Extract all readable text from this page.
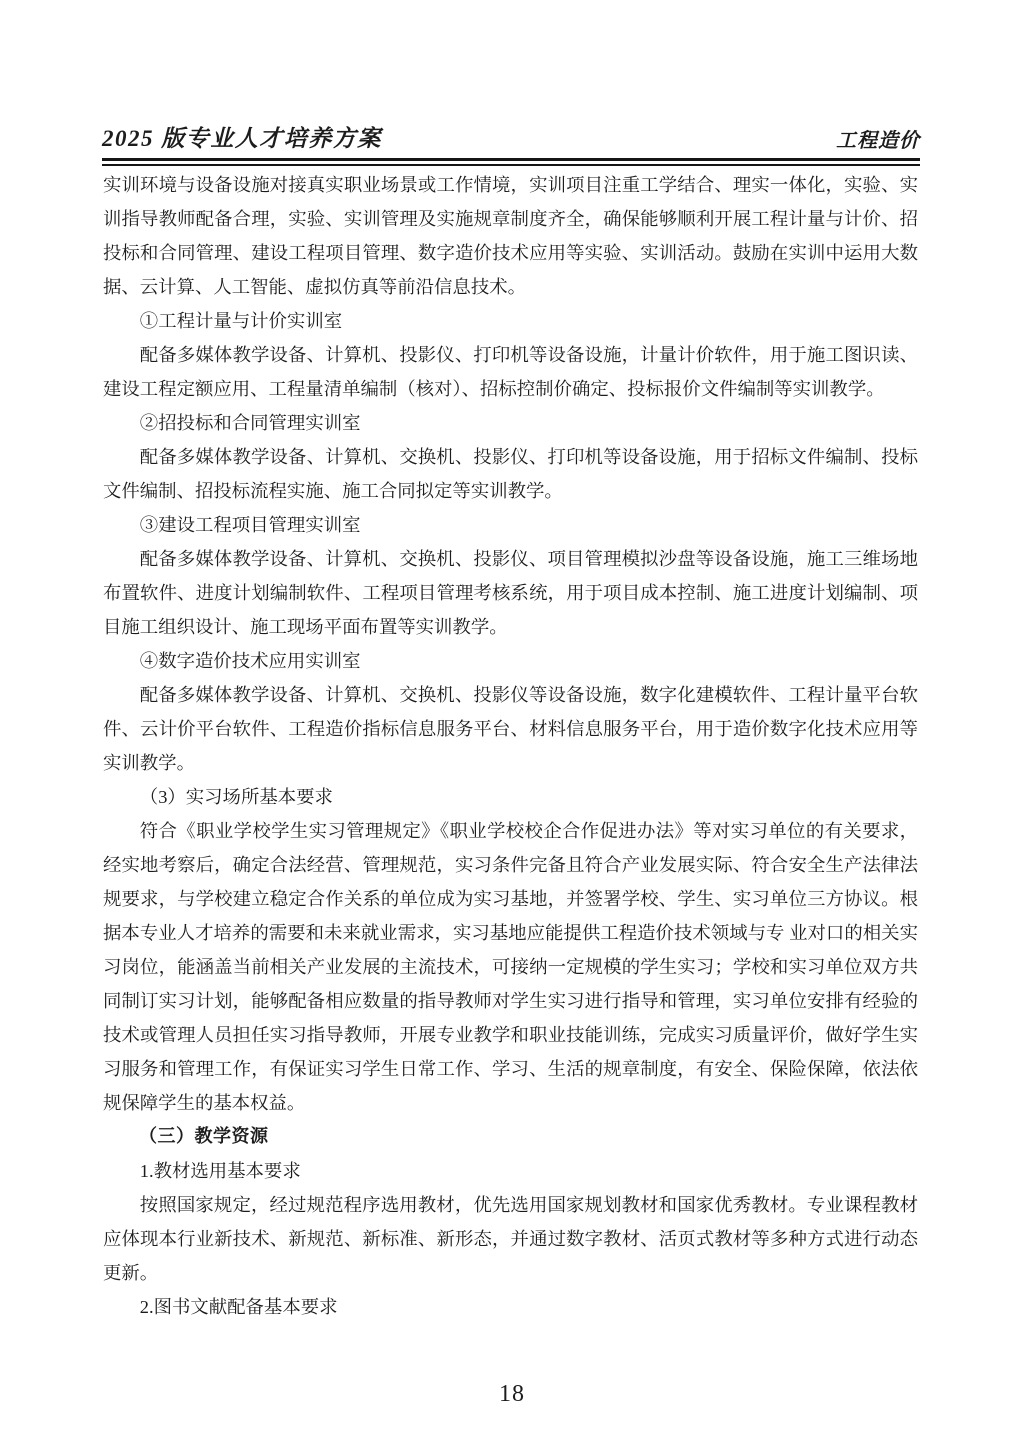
2025 版专业人才培养方案	工程造价

实训环境与设备设施对接真实职业场景或工作情境，实训项目注重工学结合、理实一体化，实验、实训指导教师配备合理，实验、实训管理及实施规章制度齐全，确保能够顺利开展工程计量与计价、招投标和合同管理、建设工程项目管理、数字造价技术应用等实验、实训活动。鼓励在实训中运用大数据、云计算、人工智能、虚拟仿真等前沿信息技术。

①工程计量与计价实训室

配备多媒体教学设备、计算机、投影仪、打印机等设备设施，计量计价软件，用于施工图识读、建设工程定额应用、工程量清单编制（核对）、招标控制价确定、投标报价文件编制等实训教学。

②招投标和合同管理实训室

配备多媒体教学设备、计算机、交换机、投影仪、打印机等设备设施，用于招标文件编制、投标文件编制、招投标流程实施、施工合同拟定等实训教学。

③建设工程项目管理实训室

配备多媒体教学设备、计算机、交换机、投影仪、项目管理模拟沙盘等设备设施，施工三维场地布置软件、进度计划编制软件、工程项目管理考核系统，用于项目成本控制、施工进度计划编制、项目施工组织设计、施工现场平面布置等实训教学。

④数字造价技术应用实训室

配备多媒体教学设备、计算机、交换机、投影仪等设备设施，数字化建模软件、工程计量平台软件、云计价平台软件、工程造价指标信息服务平台、材料信息服务平台，用于造价数字化技术应用等实训教学。

（3）实习场所基本要求

符合《职业学校学生实习管理规定》《职业学校校企合作促进办法》等对实习单位的有关要求，经实地考察后，确定合法经营、管理规范，实习条件完备且符合产业发展实际、符合安全生产法律法规要求，与学校建立稳定合作关系的单位成为实习基地，并签署学校、学生、实习单位三方协议。根据本专业人才培养的需要和未来就业需求，实习基地应能提供工程造价技术领域与专 业对口的相关实习岗位，能涵盖当前相关产业发展的主流技术，可接纳一定规模的学生实习；学校和实习单位双方共同制订实习计划，能够配备相应数量的指导教师对学生实习进行指导和管理，实习单位安排有经验的技术或管理人员担任实习指导教师，开展专业教学和职业技能训练，完成实习质量评价，做好学生实习服务和管理工作，有保证实习学生日常工作、学习、生活的规章制度，有安全、保险保障，依法依规保障学生的基本权益。

（三）教学资源

1.教材选用基本要求

按照国家规定，经过规范程序选用教材，优先选用国家规划教材和国家优秀教材。专业课程教材应体现本行业新技术、新规范、新标准、新形态，并通过数字教材、活页式教材等多种方式进行动态更新。

2.图书文献配备基本要求

18
